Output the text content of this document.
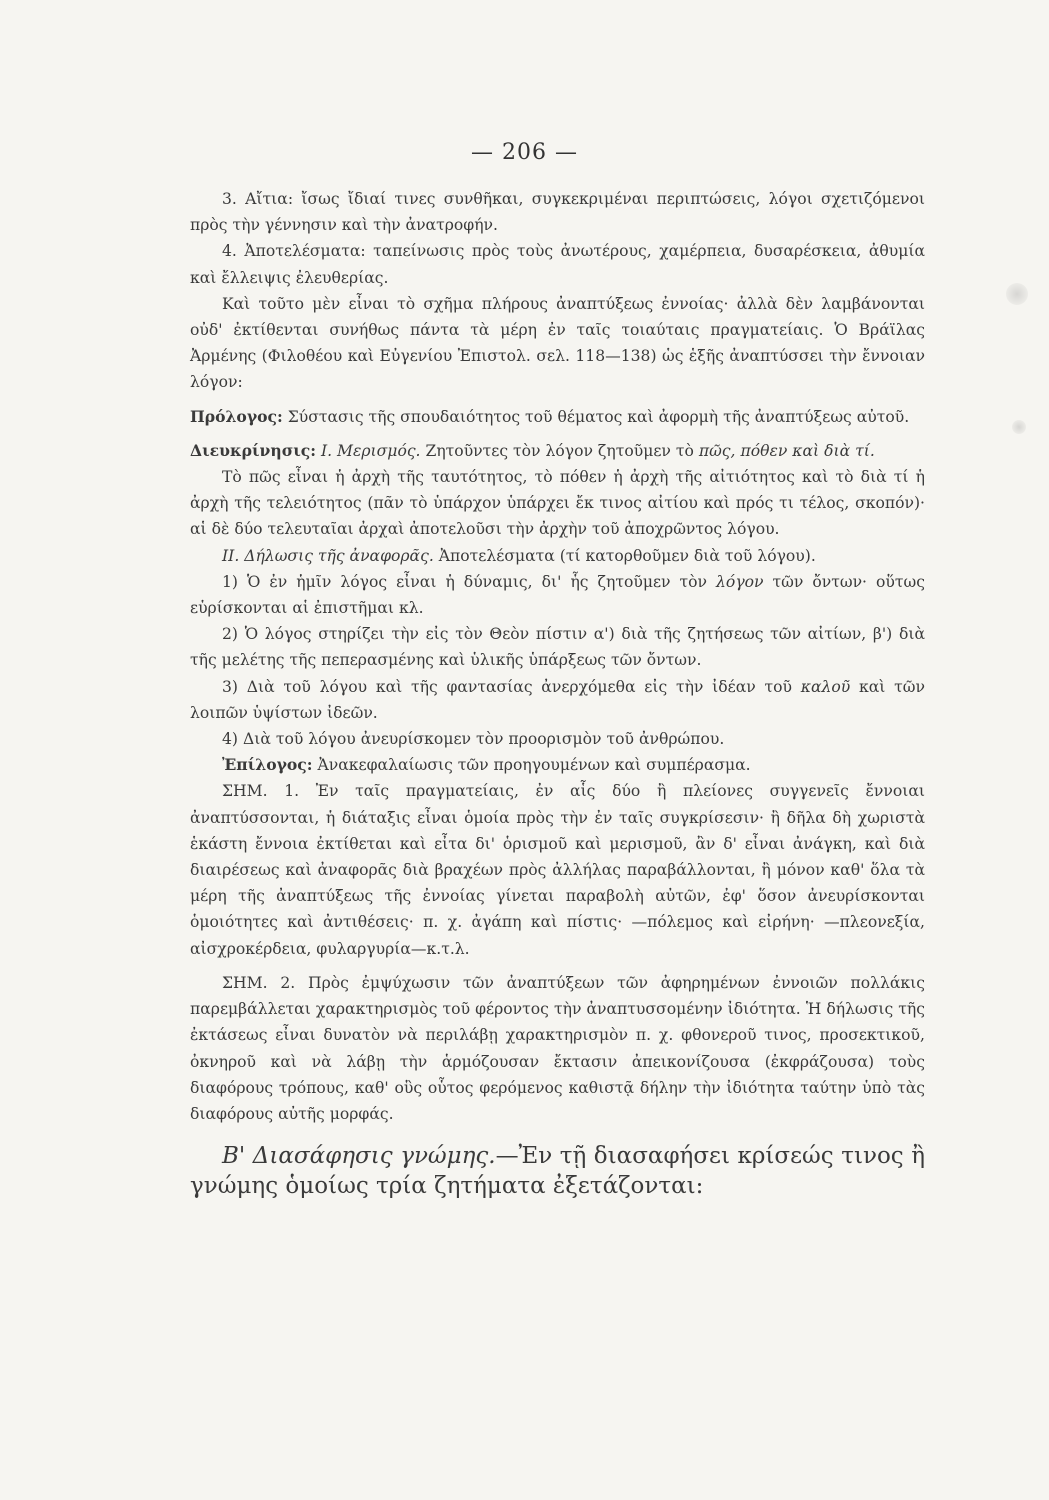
— 206 —

3. Αἴτια: ἴσως ἴδιαί τινες συνθῆκαι, συγκεκριμέναι περιπτώσεις, λόγοι σχετιζόμενοι πρὸς τὴν γέννησιν καὶ τὴν ἀνατροφήν.

4. Ἀποτελέσματα: ταπείνωσις πρὸς τοὺς ἀνωτέρους, χαμέρπεια, δυσαρέσκεια, ἀθυμία καὶ ἔλλειψις ἐλευθερίας.

Καὶ τοῦτο μὲν εἶναι τὸ σχῆμα πλήρους ἀναπτύξεως ἐννοίας· ἀλλὰ δὲν λαμβάνονται οὐδ' ἐκτίθενται συνήθως πάντα τὰ μέρη ἐν ταῖς τοιαύταις πραγματείαις. Ὁ Βράϊλας Ἀρμένης (Φιλοθέου καὶ Εὐγενίου Ἐπιστολ. σελ. 118—138) ὡς ἑξῆς ἀναπτύσσει τὴν ἔννοιαν λόγον:

Πρόλογος: Σύστασις τῆς σπουδαιότητος τοῦ θέματος καὶ ἀφορμὴ τῆς ἀναπτύξεως αὐτοῦ.

Διευκρίνησις: Ι. Μερισμός. Ζητοῦντες τὸν λόγον ζητοῦμεν τὸ πῶς, πόθεν καὶ διὰ τί.

Τὸ πῶς εἶναι ἡ ἀρχὴ τῆς ταυτότητος, τὸ πόθεν ἡ ἀρχὴ τῆς αἰτιότητος καὶ τὸ διὰ τί ἡ ἀρχὴ τῆς τελειότητος (πᾶν τὸ ὑπάρχον ὑπάρχει ἔκ τινος αἰτίου καὶ πρός τι τέλος, σκοπόν)· αἱ δὲ δύο τελευταῖαι ἀρχαὶ ἀποτελοῦσι τὴν ἀρχὴν τοῦ ἀποχρῶντος λόγου.

ΙΙ. Δήλωσις τῆς ἀναφορᾶς. Ἀποτελέσματα (τί κατορθοῦμεν διὰ τοῦ λόγου).

1) Ὁ ἐν ἡμῖν λόγος εἶναι ἡ δύναμις, δι' ἧς ζητοῦμεν τὸν λόγον τῶν ὄντων· οὕτως εὑρίσκονται αἱ ἐπιστῆμαι κλ.

2) Ὁ λόγος στηρίζει τὴν εἰς τὸν Θεὸν πίστιν α') διὰ τῆς ζητήσεως τῶν αἰτίων, β') διὰ τῆς μελέτης τῆς πεπερασμένης καὶ ὑλικῆς ὑπάρξεως τῶν ὄντων.

3) Διὰ τοῦ λόγου καὶ τῆς φαντασίας ἀνερχόμεθα εἰς τὴν ἰδέαν τοῦ καλοῦ καὶ τῶν λοιπῶν ὑψίστων ἰδεῶν.

4) Διὰ τοῦ λόγου ἀνευρίσκομεν τὸν προορισμὸν τοῦ ἀνθρώπου.

Ἐπίλογος: Ἀνακεφαλαίωσις τῶν προηγουμένων καὶ συμπέρασμα.

ΣΗΜ. 1. Ἐν ταῖς πραγματείαις, ἐν αἷς δύο ἢ πλείονες συγγενεῖς ἔννοιαι ἀναπτύσσονται, ἡ διάταξις εἶναι ὁμοία πρὸς τὴν ἐν ταῖς συγκρίσεσιν· ἢ δῆλα δὴ χωριστὰ ἑκάστη ἔννοια ἐκτίθεται καὶ εἶτα δι' ὁρισμοῦ καὶ μερισμοῦ, ἂν δ' εἶναι ἀνάγκη, καὶ διὰ διαιρέσεως καὶ ἀναφορᾶς διὰ βραχέων πρὸς ἀλλήλας παραβάλλονται, ἢ μόνον καθ' ὅλα τὰ μέρη τῆς ἀναπτύξεως τῆς ἐννοίας γίνεται παραβολὴ αὐτῶν, ἐφ' ὅσον ἀνευρίσκονται ὁμοιότητες καὶ ἀντιθέσεις· π. χ. ἀγάπη καὶ πίστις· —πόλεμος καὶ εἰρήνη· —πλεονεξία, αἰσχροκέρδεια, φυλαργυρία—κ.τ.λ.

ΣΗΜ. 2. Πρὸς ἐμψύχωσιν τῶν ἀναπτύξεων τῶν ἀφηρημένων ἐννοιῶν πολλάκις παρεμβάλλεται χαρακτηρισμὸς τοῦ φέροντος τὴν ἀναπτυσσομένην ἰδιότητα. Ἡ δήλωσις τῆς ἐκτάσεως εἶναι δυνατὸν νὰ περιλάβῃ χαρακτηρισμὸν π. χ. φθονεροῦ τινος, προσεκτικοῦ, ὀκνηροῦ καὶ νὰ λάβῃ τὴν ἁρμόζουσαν ἔκτασιν ἀπεικονίζουσα (ἐκφράζουσα) τοὺς διαφόρους τρόπους, καθ' οὓς οὗτος φερόμενος καθιστᾷ δήλην τὴν ἰδιότητα ταύτην ὑπὸ τὰς διαφόρους αὐτῆς μορφάς.

Β' Διασάφησις γνώμης.—Ἐν τῇ διασαφήσει κρίσεώς τινος ἢ γνώμης ὁμοίως τρία ζητήματα ἐξετάζονται:
